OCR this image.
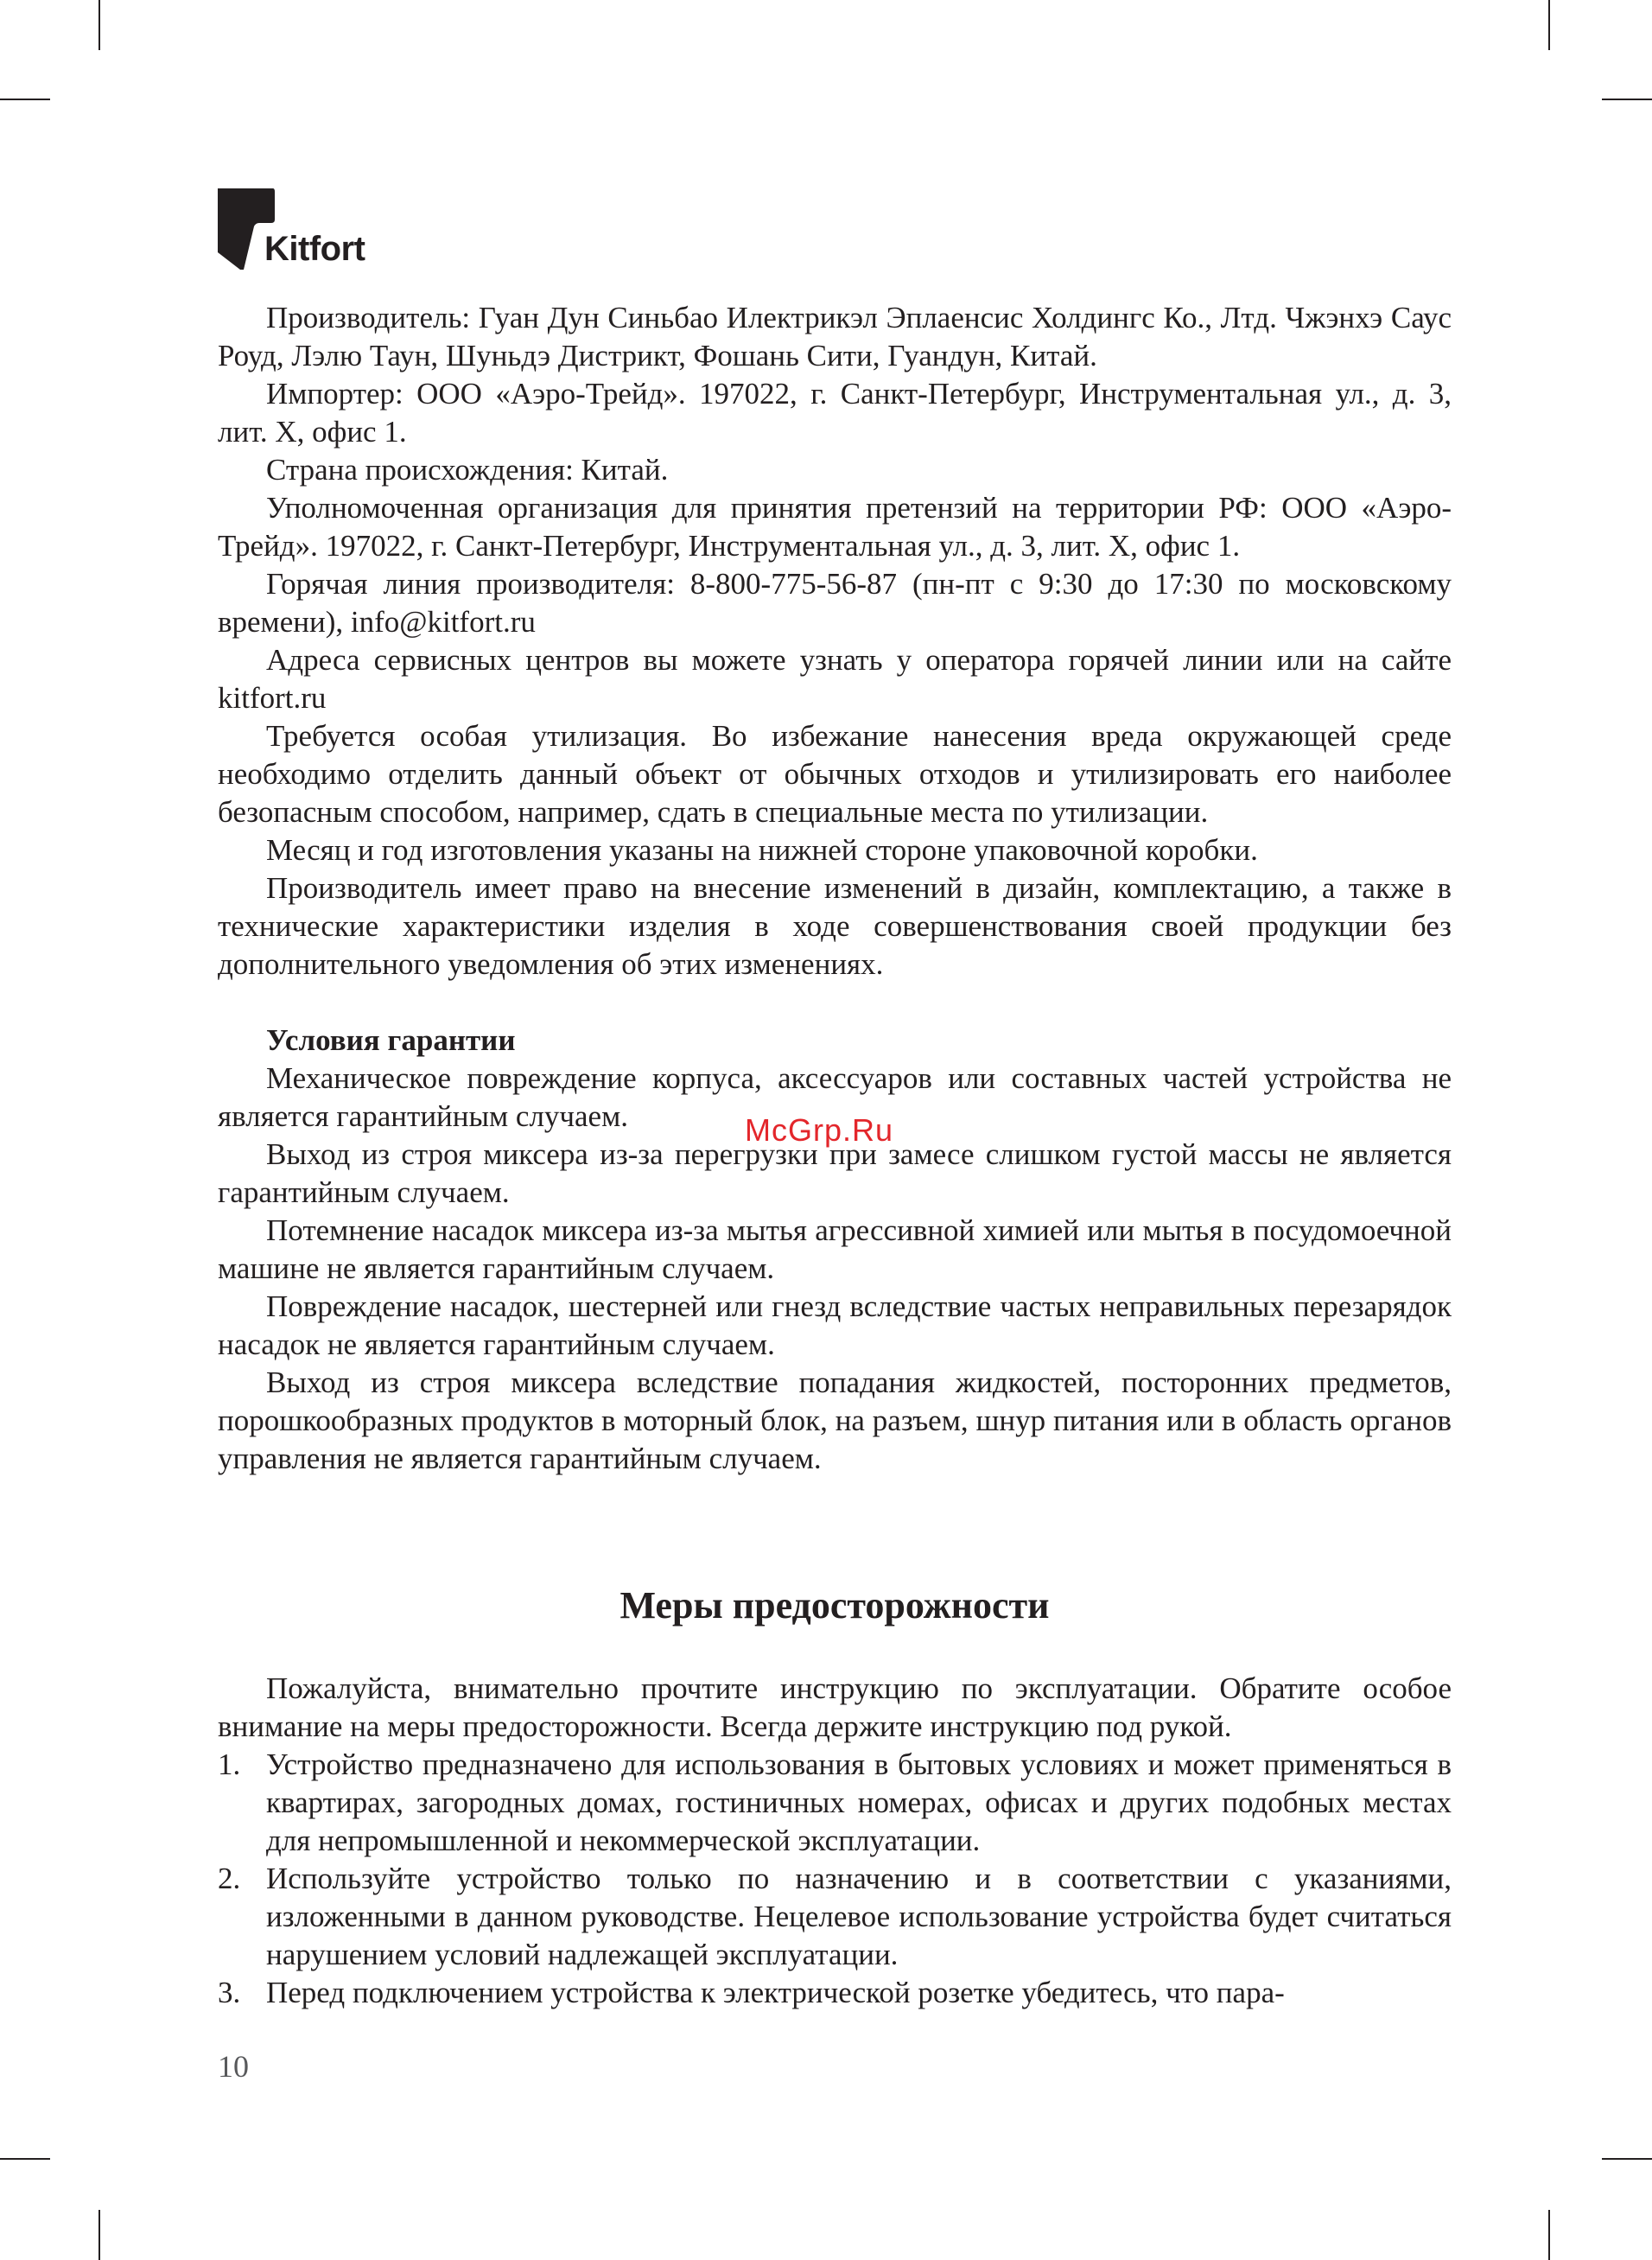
Kitfort

Производитель: Гуан Дун Синьбао Илектрикэл Эплаенсис Холдингс Ко., Лтд. Чжэнхэ Саус Роуд, Лэлю Таун, Шуньдэ Дистрикт, Фошань Сити, Гуандун, Китай.

Импортер: ООО «Аэро-Трейд». 197022, г. Санкт-Петербург, Инструментальная ул., д. 3, лит. Х, офис 1.

Страна происхождения: Китай.

Уполномоченная организация для принятия претензий на территории РФ: ООО «Аэро-Трейд». 197022, г. Санкт-Петербург, Инструментальная ул., д. 3, лит. Х, офис 1.

Горячая линия производителя: 8-800-775-56-87 (пн-пт с 9:30 до 17:30 по московскому времени), info@kitfort.ru

Адреса сервисных центров вы можете узнать у оператора горячей линии или на сайте kitfort.ru

Требуется особая утилизация. Во избежание нанесения вреда окружающей среде необходимо отделить данный объект от обычных отходов и утилизировать его наиболее безопасным способом, например, сдать в специальные места по утилизации.

Месяц и год изготовления указаны на нижней стороне упаковочной коробки.

Производитель имеет право на внесение изменений в дизайн, комплектацию, а также в технические характеристики изделия в ходе совершенствования своей продукции без дополнительного уведомления об этих изменениях.

Условия гарантии

Механическое повреждение корпуса, аксессуаров или составных частей устройства не является гарантийным случаем.

Выход из строя миксера из-за перегрузки при замесе слишком густой массы не является гарантийным случаем.

Потемнение насадок миксера из-за мытья агрессивной химией или мытья в посудомоечной машине не является гарантийным случаем.

Повреждение насадок, шестерней или гнезд вследствие частых неправильных перезарядок насадок не является гарантийным случаем.

Выход из строя миксера вследствие попадания жидкостей, посторонних предметов, порошкообразных продуктов в моторный блок, на разъем, шнур питания или в область органов управления не является гарантийным случаем.

Меры предосторожности

Пожалуйста, внимательно прочтите инструкцию по эксплуатации. Обратите особое внимание на меры предосторожности. Всегда держите инструкцию под рукой.

1. Устройство предназначено для использования в бытовых условиях и может применяться в квартирах, загородных домах, гостиничных номерах, офисах и других подобных местах для непромышленной и некоммерческой эксплуатации.
2. Используйте устройство только по назначению и в соответствии с указаниями, изложенными в данном руководстве. Нецелевое использование устройства будет считаться нарушением условий надлежащей эксплуатации.
3. Перед подключением устройства к электрической розетке убедитесь, что пара-
McGrp.Ru
10
